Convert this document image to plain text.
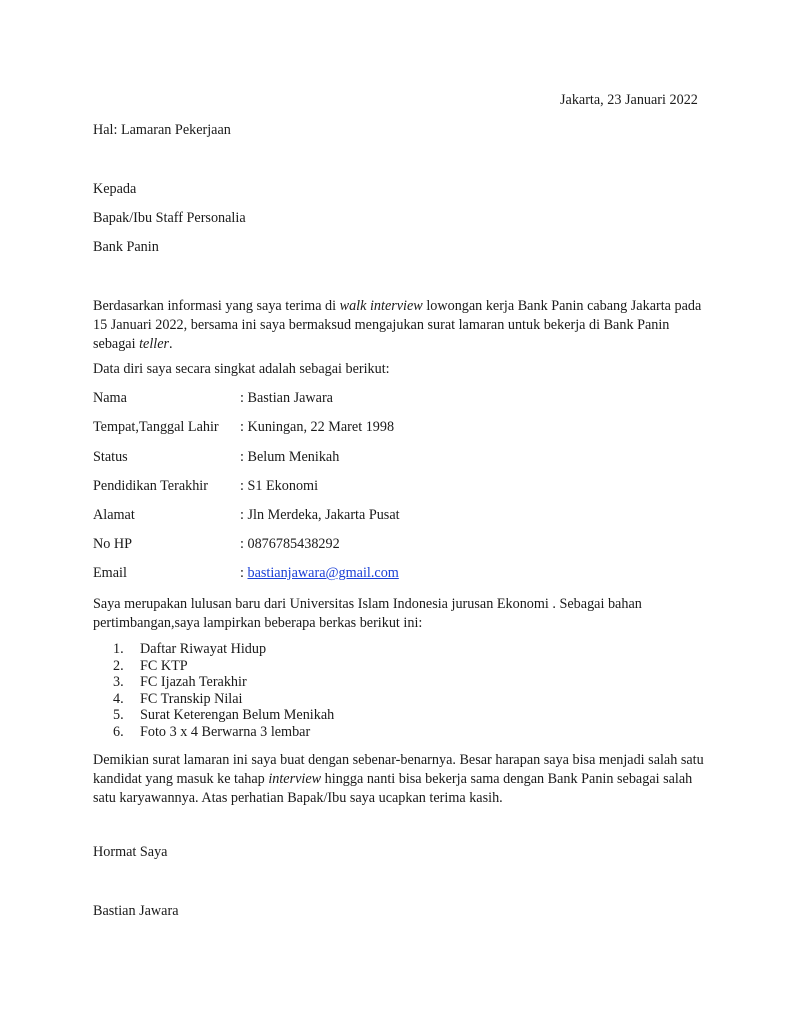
Jakarta, 23 Januari 2022
Hal: Lamaran Pekerjaan
Kepada
Bapak/Ibu Staff Personalia
Bank Panin
Berdasarkan informasi yang saya terima di walk interview lowongan kerja Bank Panin cabang Jakarta pada 15 Januari 2022, bersama ini saya bermaksud mengajukan surat lamaran untuk bekerja di Bank Panin sebagai teller.
Data diri saya secara singkat adalah sebagai berikut:
Nama	: Bastian Jawara
Tempat,Tanggal Lahir : Kuningan, 22 Maret 1998
Status	: Belum Menikah
Pendidikan Terakhir : S1 Ekonomi
Alamat	: Jln Merdeka, Jakarta Pusat
No HP	: 0876785438292
Email	: bastianjawara@gmail.com
Saya merupakan lulusan baru dari Universitas Islam Indonesia jurusan Ekonomi . Sebagai bahan pertimbangan,saya lampirkan beberapa berkas berikut ini:
1. Daftar Riwayat Hidup
2. FC KTP
3. FC Ijazah Terakhir
4. FC Transkip Nilai
5. Surat Keterengan Belum Menikah
6. Foto 3 x 4 Berwarna 3 lembar
Demikian surat lamaran ini saya buat dengan sebenar-benarnya. Besar harapan saya bisa menjadi salah satu kandidat yang masuk ke tahap interview hingga nanti bisa bekerja sama dengan Bank Panin sebagai salah satu karyawannya. Atas perhatian Bapak/Ibu saya ucapkan terima kasih.
Hormat Saya
Bastian Jawara
